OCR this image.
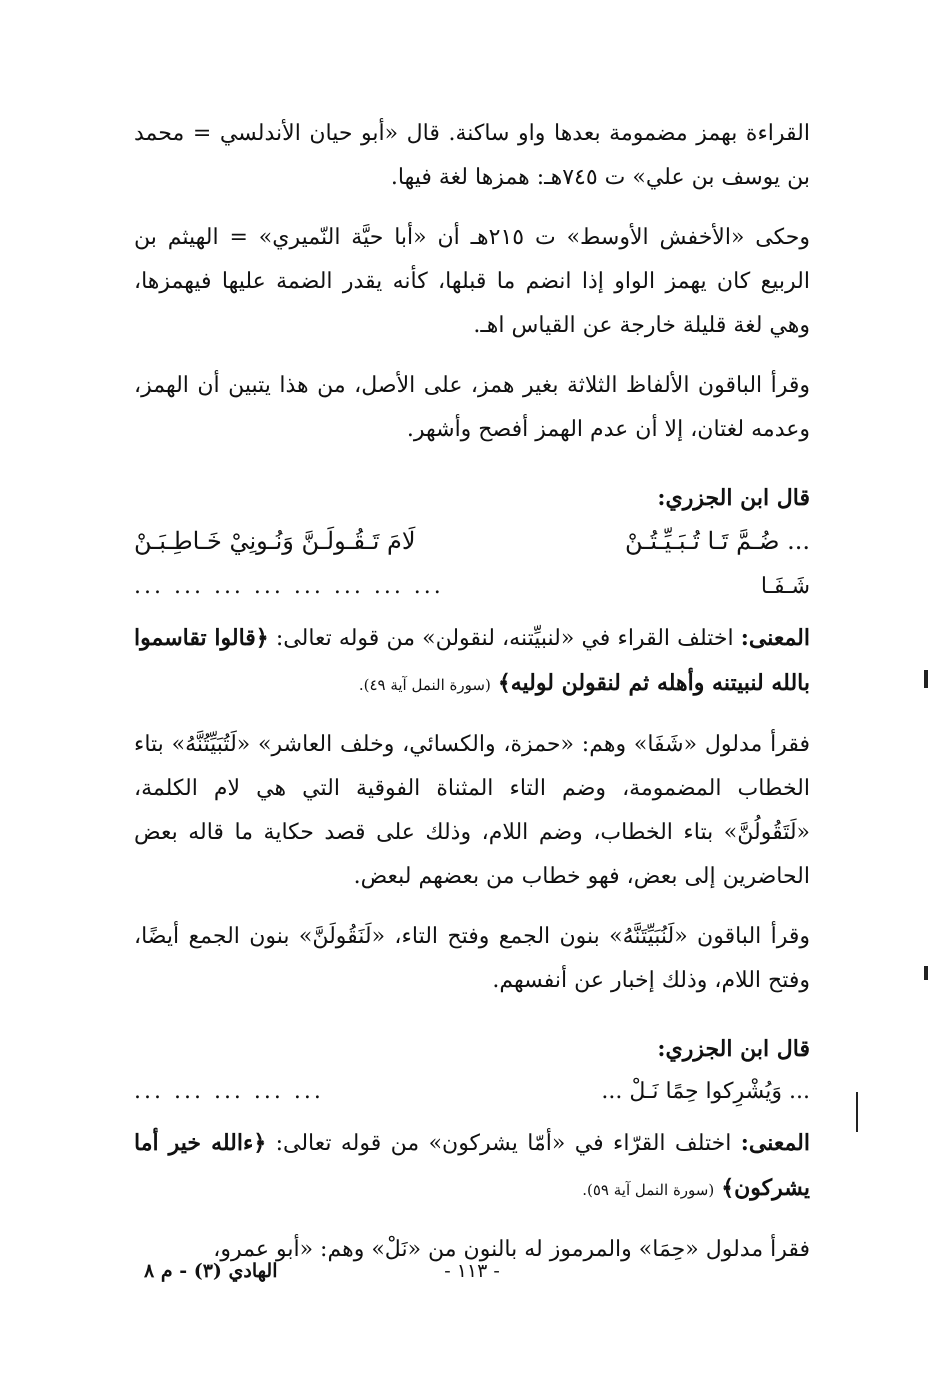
القراءة بهمز مضمومة بعدها واو ساكنة. قال «أبو حيان الأندلسي = محمد بن يوسف بن علي» ت ٧٤٥هـ: همزها لغة فيها.

وحكى «الأخفش الأوسط» ت ٢١٥هـ أن «أبا حيَّة النّميري» = الهيثم بن الربيع كان يهمز الواو إذا انضم ما قبلها، كأنه يقدر الضمة عليها فيهمزها، وهي لغة قليلة خارجة عن القياس اهـ.

وقرأ الباقون الألفاظ الثلاثة بغير همز، على الأصل، من هذا يتبين أن الهمز، وعدمه لغتان، إلا أن عدم الهمز أفصح وأشهر.

قال ابن الجزري:
... ضُـمَّ تَـا تُـبَـيِّـتُـنْ
لَامَ تَـقُـولَـنَّ وَنُـونِيْ خَـاطِـبَـنْ
شَـفَـا
... ... ... ... ... ... ... ...

المعنى: اختلف القراء في «لنبيِّتنه، لنقولن» من قوله تعالى: ﴿قالوا تقاسموا بالله لنبيتنه وأهله ثم لنقولن لوليه﴾ (سورة النمل آية ٤٩).

فقرأ مدلول «شَفَا» وهم: «حمزة، والكسائي، وخلف العاشر» «لَتُبَيِّتُنَّهُ» بتاء الخطاب المضمومة، وضم التاء المثناة الفوقية التي هي لام الكلمة، «لَتَقُولُنَّ» بتاء الخطاب، وضم اللام، وذلك على قصد حكاية ما قاله بعض الحاضرين إلى بعض، فهو خطاب من بعضهم لبعض.

وقرأ الباقون «لَنُبَيِّتَنَّهُ» بنون الجمع وفتح التاء، «لَنَقُولَنَّ» بنون الجمع أيضًا، وفتح اللام، وذلك إخبار عن أنفسهم.

قال ابن الجزري:
... وَيُشْرِكوا حِمًا نَـلْ ...
... ... ... ... ...

المعنى: اختلف القرّاء في «أمّا يشركون» من قوله تعالى: ﴿ءالله خير أما يشركون﴾ (سورة النمل آية ٥٩).

فقرأ مدلول «حِمَا» والمرموز له بالنون من «نَلْ» وهم: «أبو عمرو،

- ١١٣ -
الهادي (٣) - م ٨
